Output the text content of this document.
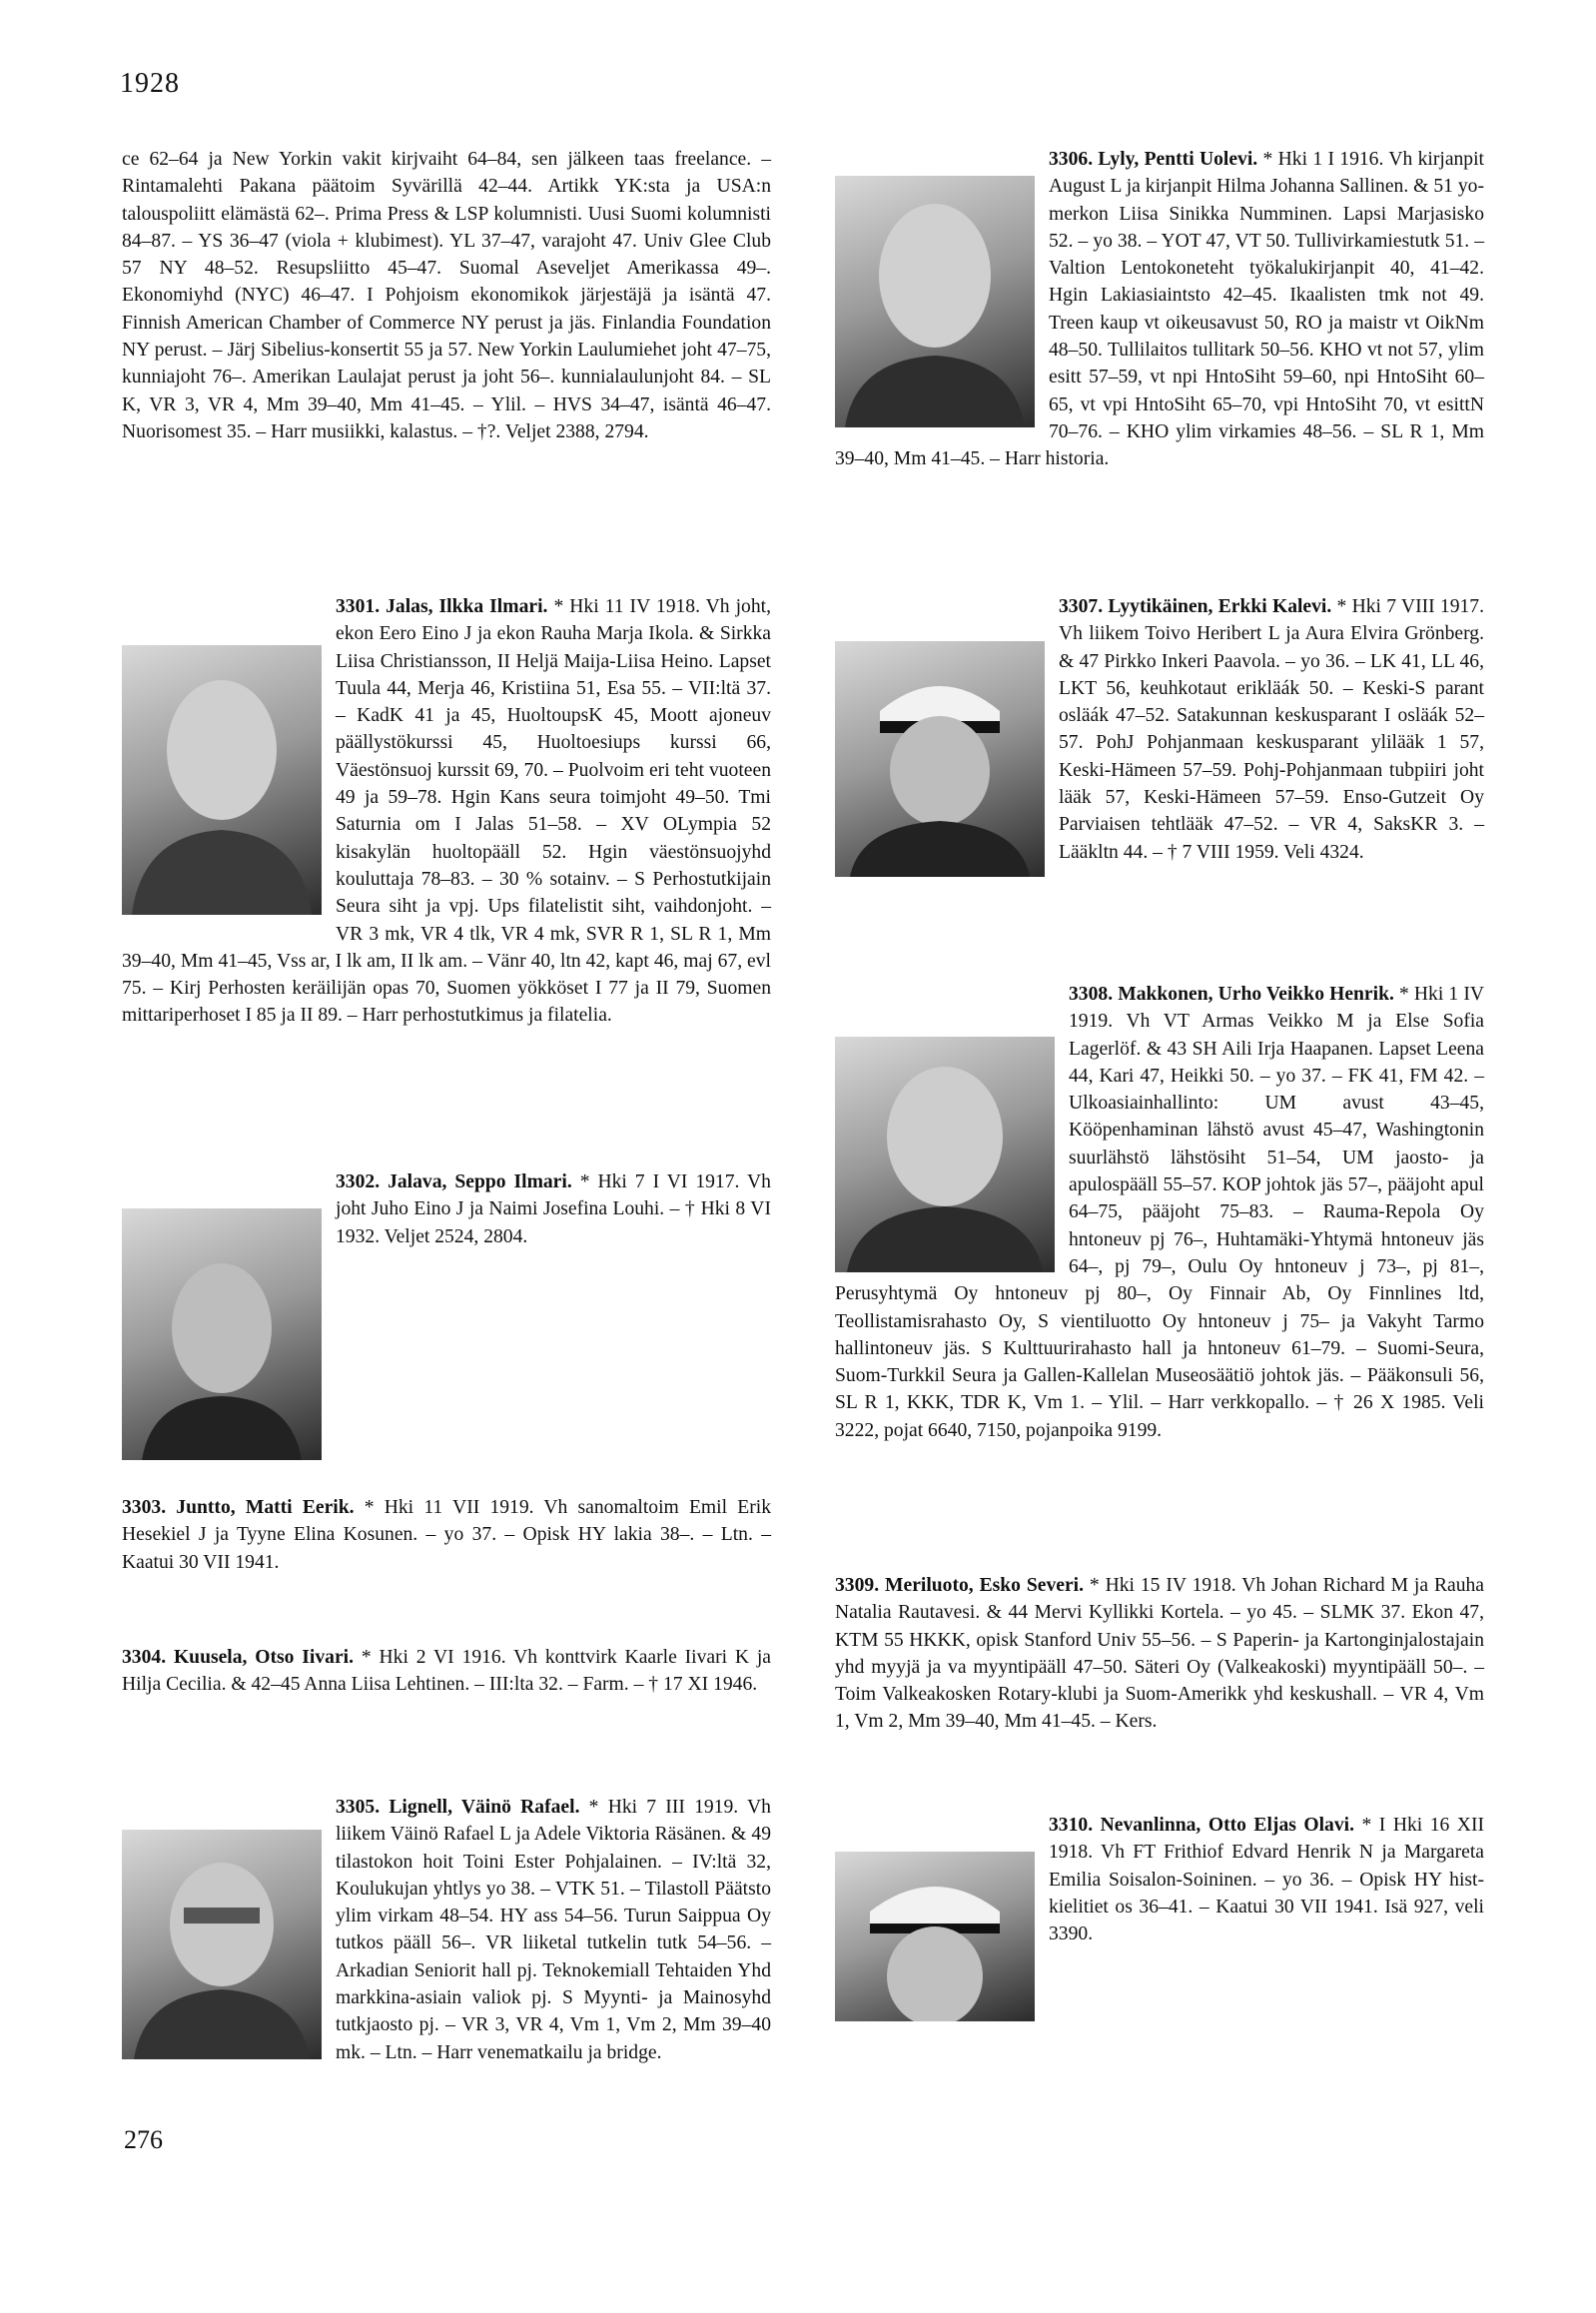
1928

ce 62–64 ja New Yorkin vakit kirjvaiht 64–84, sen jälkeen taas freelance. – Rintamalehti Pakana päätoim Syvärillä 42–44. Artikk YK:sta ja USA:n talouspoliitt elämästä 62–. Prima Press & LSP kolumnisti. Uusi Suomi kolumnisti 84–87. – YS 36–47 (viola + klubimest). YL 37–47, varajoht 47. Univ Glee Club 57 NY 48–52. Resupsliitto 45–47. Suomal Aseveljet Amerikassa 49–. Ekonomiyhd (NYC) 46–47. I Pohjoism ekonomikok järjestäjä ja isäntä 47. Finnish American Chamber of Commerce NY perust ja jäs. Finlandia Foundation NY perust. – Järj Sibelius-konsertit 55 ja 57. New Yorkin Laulumiehet joht 47–75, kunniajoht 76–. Amerikan Laulajat perust ja joht 56–. kunnialaulunjoht 84. – SL K, VR 3, VR 4, Mm 39–40, Mm 41–45. – Ylil. – HVS 34–47, isäntä 46–47. Nuorisomest 35. – Harr musiikki, kalastus. – †?. Veljet 2388, 2794.

3301. Jalas, Ilkka Ilmari. * Hki 11 IV 1918. Vh joht, ekon Eero Eino J ja ekon Rauha Marja Ikola. & Sirkka Liisa Christiansson, II Heljä Maija-Liisa Heino. Lapset Tuula 44, Merja 46, Kristiina 51, Esa 55. – VII:ltä 37. – KadK 41 ja 45, HuoltoupsK 45, Moott ajoneuv päällystökurssi 45, Huoltoesiups kurssi 66, Väestönsuoj kurssit 69, 70. – Puolvoim eri teht vuoteen 49 ja 59–78. Hgin Kans seura toimjoht 49–50. Tmi Saturnia om I Jalas 51–58. – XV OLympia 52 kisakylän huoltopääll 52. Hgin väestönsuojyhd kouluttaja 78–83. – 30 % sotainv. – S Perhostutkijain Seura siht ja vpj. Ups filatelistit siht, vaihdonjoht. – VR 3 mk, VR 4 tlk, VR 4 mk, SVR R 1, SL R 1, Mm 39–40, Mm 41–45, Vss ar, I lk am, II lk am. – Vänr 40, ltn 42, kapt 46, maj 67, evl 75. – Kirj Perhosten keräilijän opas 70, Suomen yökköset I 77 ja II 79, Suomen mittariperhoset I 85 ja II 89. – Harr perhostutkimus ja filatelia.

3302. Jalava, Seppo Ilmari. * Hki 7 I VI 1917. Vh joht Juho Eino J ja Naimi Josefina Louhi. – † Hki 8 VI 1932. Veljet 2524, 2804.

3303. Juntto, Matti Eerik. * Hki 11 VII 1919. Vh sanomaltoim Emil Erik Hesekiel J ja Tyyne Elina Kosunen. – yo 37. – Opisk HY lakia 38–. – Ltn. – Kaatui 30 VII 1941.

3304. Kuusela, Otso Iivari. * Hki 2 VI 1916. Vh konttvirk Kaarle Iivari K ja Hilja Cecilia. & 42–45 Anna Liisa Lehtinen. – III:lta 32. – Farm. – † 17 XI 1946.

3305. Lignell, Väinö Rafael. * Hki 7 III 1919. Vh liikem Väinö Rafael L ja Adele Viktoria Räsänen. & 49 tilastokon hoit Toini Ester Pohjalainen. – IV:ltä 32, Koulukujan yhtlys yo 38. – VTK 51. – Tilastoll Päätsto ylim virkam 48–54. HY ass 54–56. Turun Saippua Oy tutkos pääll 56–. VR liiketal tutkelin tutk 54–56. – Arkadian Seniorit hall pj. Teknokemiall Tehtaiden Yhd markkina-asiain valiok pj. S Myynti- ja Mainosyhd tutkjaosto pj. – VR 3, VR 4, Vm 1, Vm 2, Mm 39–40 mk. – Ltn. – Harr venematkailu ja bridge.

3306. Lyly, Pentti Uolevi. * Hki 1 I 1916. Vh kirjanpit August L ja kirjanpit Hilma Johanna Sallinen. & 51 yo-merkon Liisa Sinikka Numminen. Lapsi Marjasisko 52. – yo 38. – YOT 47, VT 50. Tullivirkamiestutk 51. – Valtion Lentokoneteht työkalukirjanpit 40, 41–42. Hgin Lakiasiaintsto 42–45. Ikaalisten tmk not 49. Treen kaup vt oikeusavust 50, RO ja maistr vt OikNm 48–50. Tullilaitos tullitark 50–56. KHO vt not 57, ylim esitt 57–59, vt npi HntoSiht 59–60, npi HntoSiht 60–65, vt vpi HntoSiht 65–70, vpi HntoSiht 70, vt esittN 70–76. – KHO ylim virkamies 48–56. – SL R 1, Mm 39–40, Mm 41–45. – Harr historia.

3307. Lyytikäinen, Erkki Kalevi. * Hki 7 VIII 1917. Vh liikem Toivo Heribert L ja Aura Elvira Grönberg. & 47 Pirkko Inkeri Paavola. – yo 36. – LK 41, LL 46, LKT 56, keuhkotaut erikläák 50. – Keski-S parant osläák 47–52. Satakunnan keskusparant I osläák 52–57. PohJ Pohjanmaan keskusparant ylilääk 1 57, Keski-Hämeen 57–59. Pohj-Pohjanmaan tubpiiri joht lääk 57, Keski-Hämeen 57–59. Enso-Gutzeit Oy Parviaisen tehtlääk 47–52. – VR 4, SaksKR 3. – Lääkltn 44. – † 7 VIII 1959. Veli 4324.

3308. Makkonen, Urho Veikko Henrik. * Hki 1 IV 1919. Vh VT Armas Veikko M ja Else Sofia Lagerlöf. & 43 SH Aili Irja Haapanen. Lapset Leena 44, Kari 47, Heikki 50. – yo 37. – FK 41, FM 42. – Ulkoasiainhallinto: UM avust 43–45, Kööpenhaminan lähstö avust 45–47, Washingtonin suurlähstö lähstösiht 51–54, UM jaosto- ja apulospääll 55–57. KOP johtok jäs 57–, pääjoht apul 64–75, pääjoht 75–83. – Rauma-Repola Oy hntoneuv pj 76–, Huhtamäki-Yhtymä hntoneuv jäs 64–, pj 79–, Oulu Oy hntoneuv j 73–, pj 81–, Perusyhtymä Oy hntoneuv pj 80–, Oy Finnair Ab, Oy Finnlines ltd, Teollistamisrahasto Oy, S vientiluotto Oy hntoneuv j 75– ja Vakyht Tarmo hallintoneuv jäs. S Kulttuurirahasto hall ja hntoneuv 61–79. – Suomi-Seura, Suom-Turkkil Seura ja Gallen-Kallelan Museosäätiö johtok jäs. – Pääkonsuli 56, SL R 1, KKK, TDR K, Vm 1. – Ylil. – Harr verkkopallo. – † 26 X 1985. Veli 3222, pojat 6640, 7150, pojanpoika 9199.

3309. Meriluoto, Esko Severi. * Hki 15 IV 1918. Vh Johan Richard M ja Rauha Natalia Rautavesi. & 44 Mervi Kyllikki Kortela. – yo 45. – SLMK 37. Ekon 47, KTM 55 HKKK, opisk Stanford Univ 55–56. – S Paperin- ja Kartonginjalostajain yhd myyjä ja va myyntipääll 47–50. Säteri Oy (Valkeakoski) myyntipääll 50–. – Toim Valkeakosken Rotary-klubi ja Suom-Amerikk yhd keskushall. – VR 4, Vm 1, Vm 2, Mm 39–40, Mm 41–45. – Kers.

3310. Nevanlinna, Otto Eljas Olavi. * I Hki 16 XII 1918. Vh FT Frithiof Edvard Henrik N ja Margareta Emilia Soisalon-Soininen. – yo 36. – Opisk HY hist-kielitiet os 36–41. – Kaatui 30 VII 1941. Isä 927, veli 3390.

276
